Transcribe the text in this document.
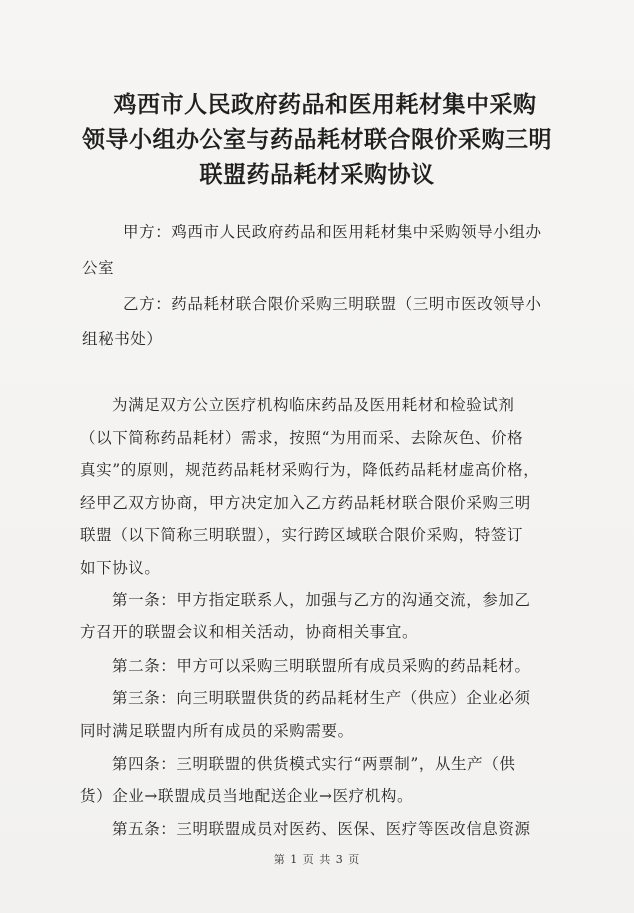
鸡西市人民政府药品和医用耗材集中采购
领导小组办公室与药品耗材联合限价采购三明
联盟药品耗材采购协议
甲方：鸡西市人民政府药品和医用耗材集中采购领导小组办
公室
乙方：药品耗材联合限价采购三明联盟（三明市医改领导小
组秘书处）
为满足双方公立医疗机构临床药品及医用耗材和检验试剂
（以下简称药品耗材）需求，按照“为用而采、去除灰色、价格
真实”的原则，规范药品耗材采购行为，降低药品耗材虚高价格，
经甲乙双方协商，甲方决定加入乙方药品耗材联合限价采购三明
联盟（以下简称三明联盟），实行跨区域联合限价采购，特签订
如下协议。
第一条：甲方指定联系人，加强与乙方的沟通交流，参加乙
方召开的联盟会议和相关活动，协商相关事宜。
第二条：甲方可以采购三明联盟所有成员采购的药品耗材。
第三条：向三明联盟供货的药品耗材生产（供应）企业必须
同时满足联盟内所有成员的采购需要。
第四条：三明联盟的供货模式实行“两票制”，从生产（供
货）企业→联盟成员当地配送企业→医疗机构。
第五条：三明联盟成员对医药、医保、医疗等医改信息资源
第 1 页 共 3 页
